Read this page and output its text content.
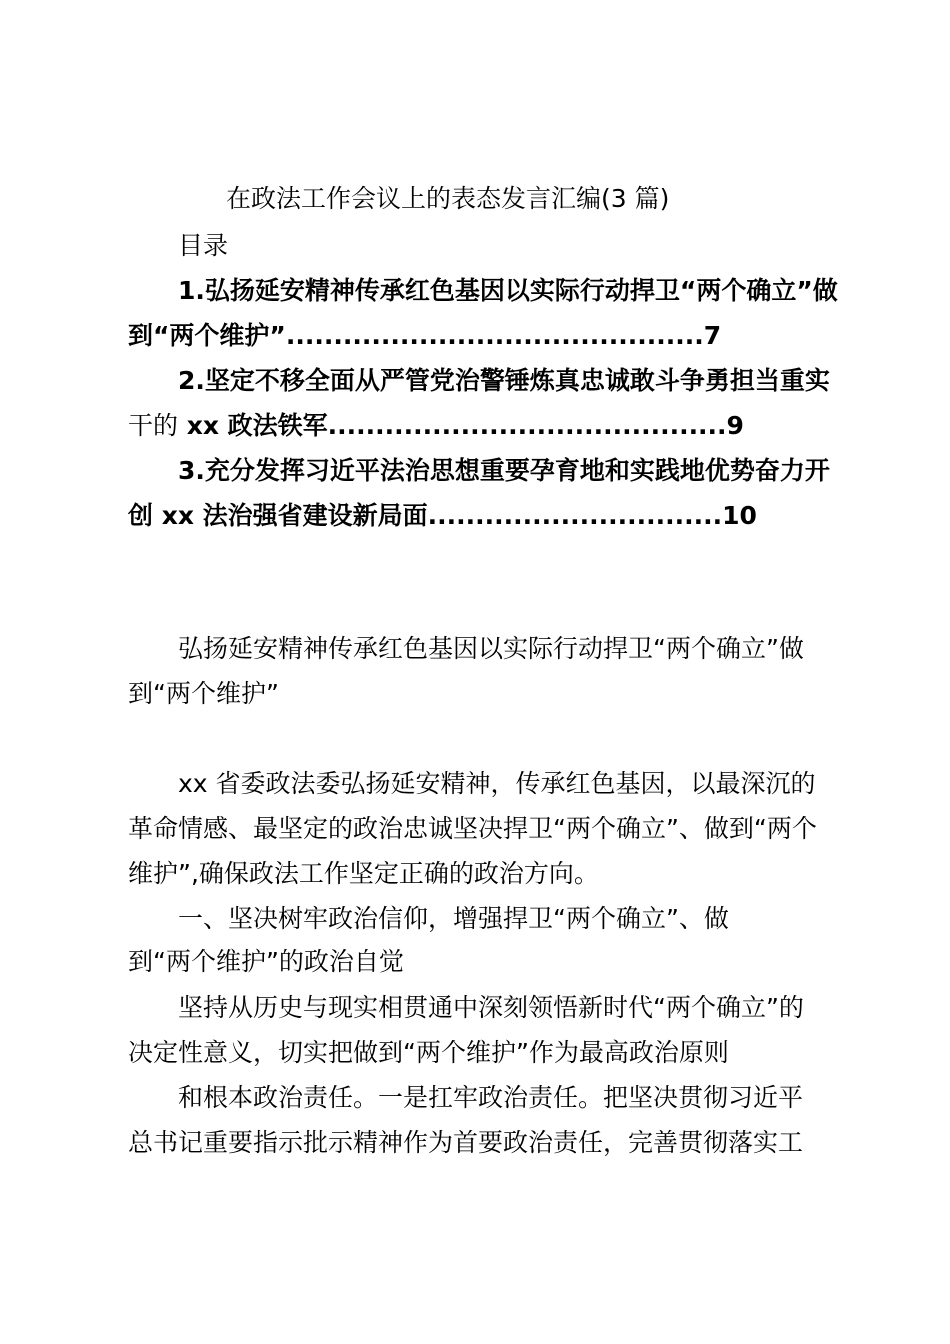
在政法工作会议上的表态发言汇编(3 篇)
目录
1.弘扬延安精神传承红色基因以实际行动捍卫“两个确立”做
到“两个维护”............................................7
2.坚定不移全面从严管党治警锤炼真忠诚敢斗争勇担当重实
干的 xx 政法铁军..........................................9
3.充分发挥习近平法治思想重要孕育地和实践地优势奋力开
创 xx 法治强省建设新局面...............................10
弘扬延安精神传承红色基因以实际行动捍卫“两个确立”做
到“两个维护”
xx 省委政法委弘扬延安精神，传承红色基因，以最深沉的
革命情感、最坚定的政治忠诚坚决捍卫“两个确立”、做到“两个
维护”,确保政法工作坚定正确的政治方向。
一、坚决树牢政治信仰，增强捍卫“两个确立”、做
到“两个维护”的政治自觉
坚持从历史与现实相贯通中深刻领悟新时代“两个确立”的
决定性意义，切实把做到“两个维护”作为最高政治原则
和根本政治责任。一是扛牢政治责任。把坚决贯彻习近平
总书记重要指示批示精神作为首要政治责任，完善贯彻落实工
